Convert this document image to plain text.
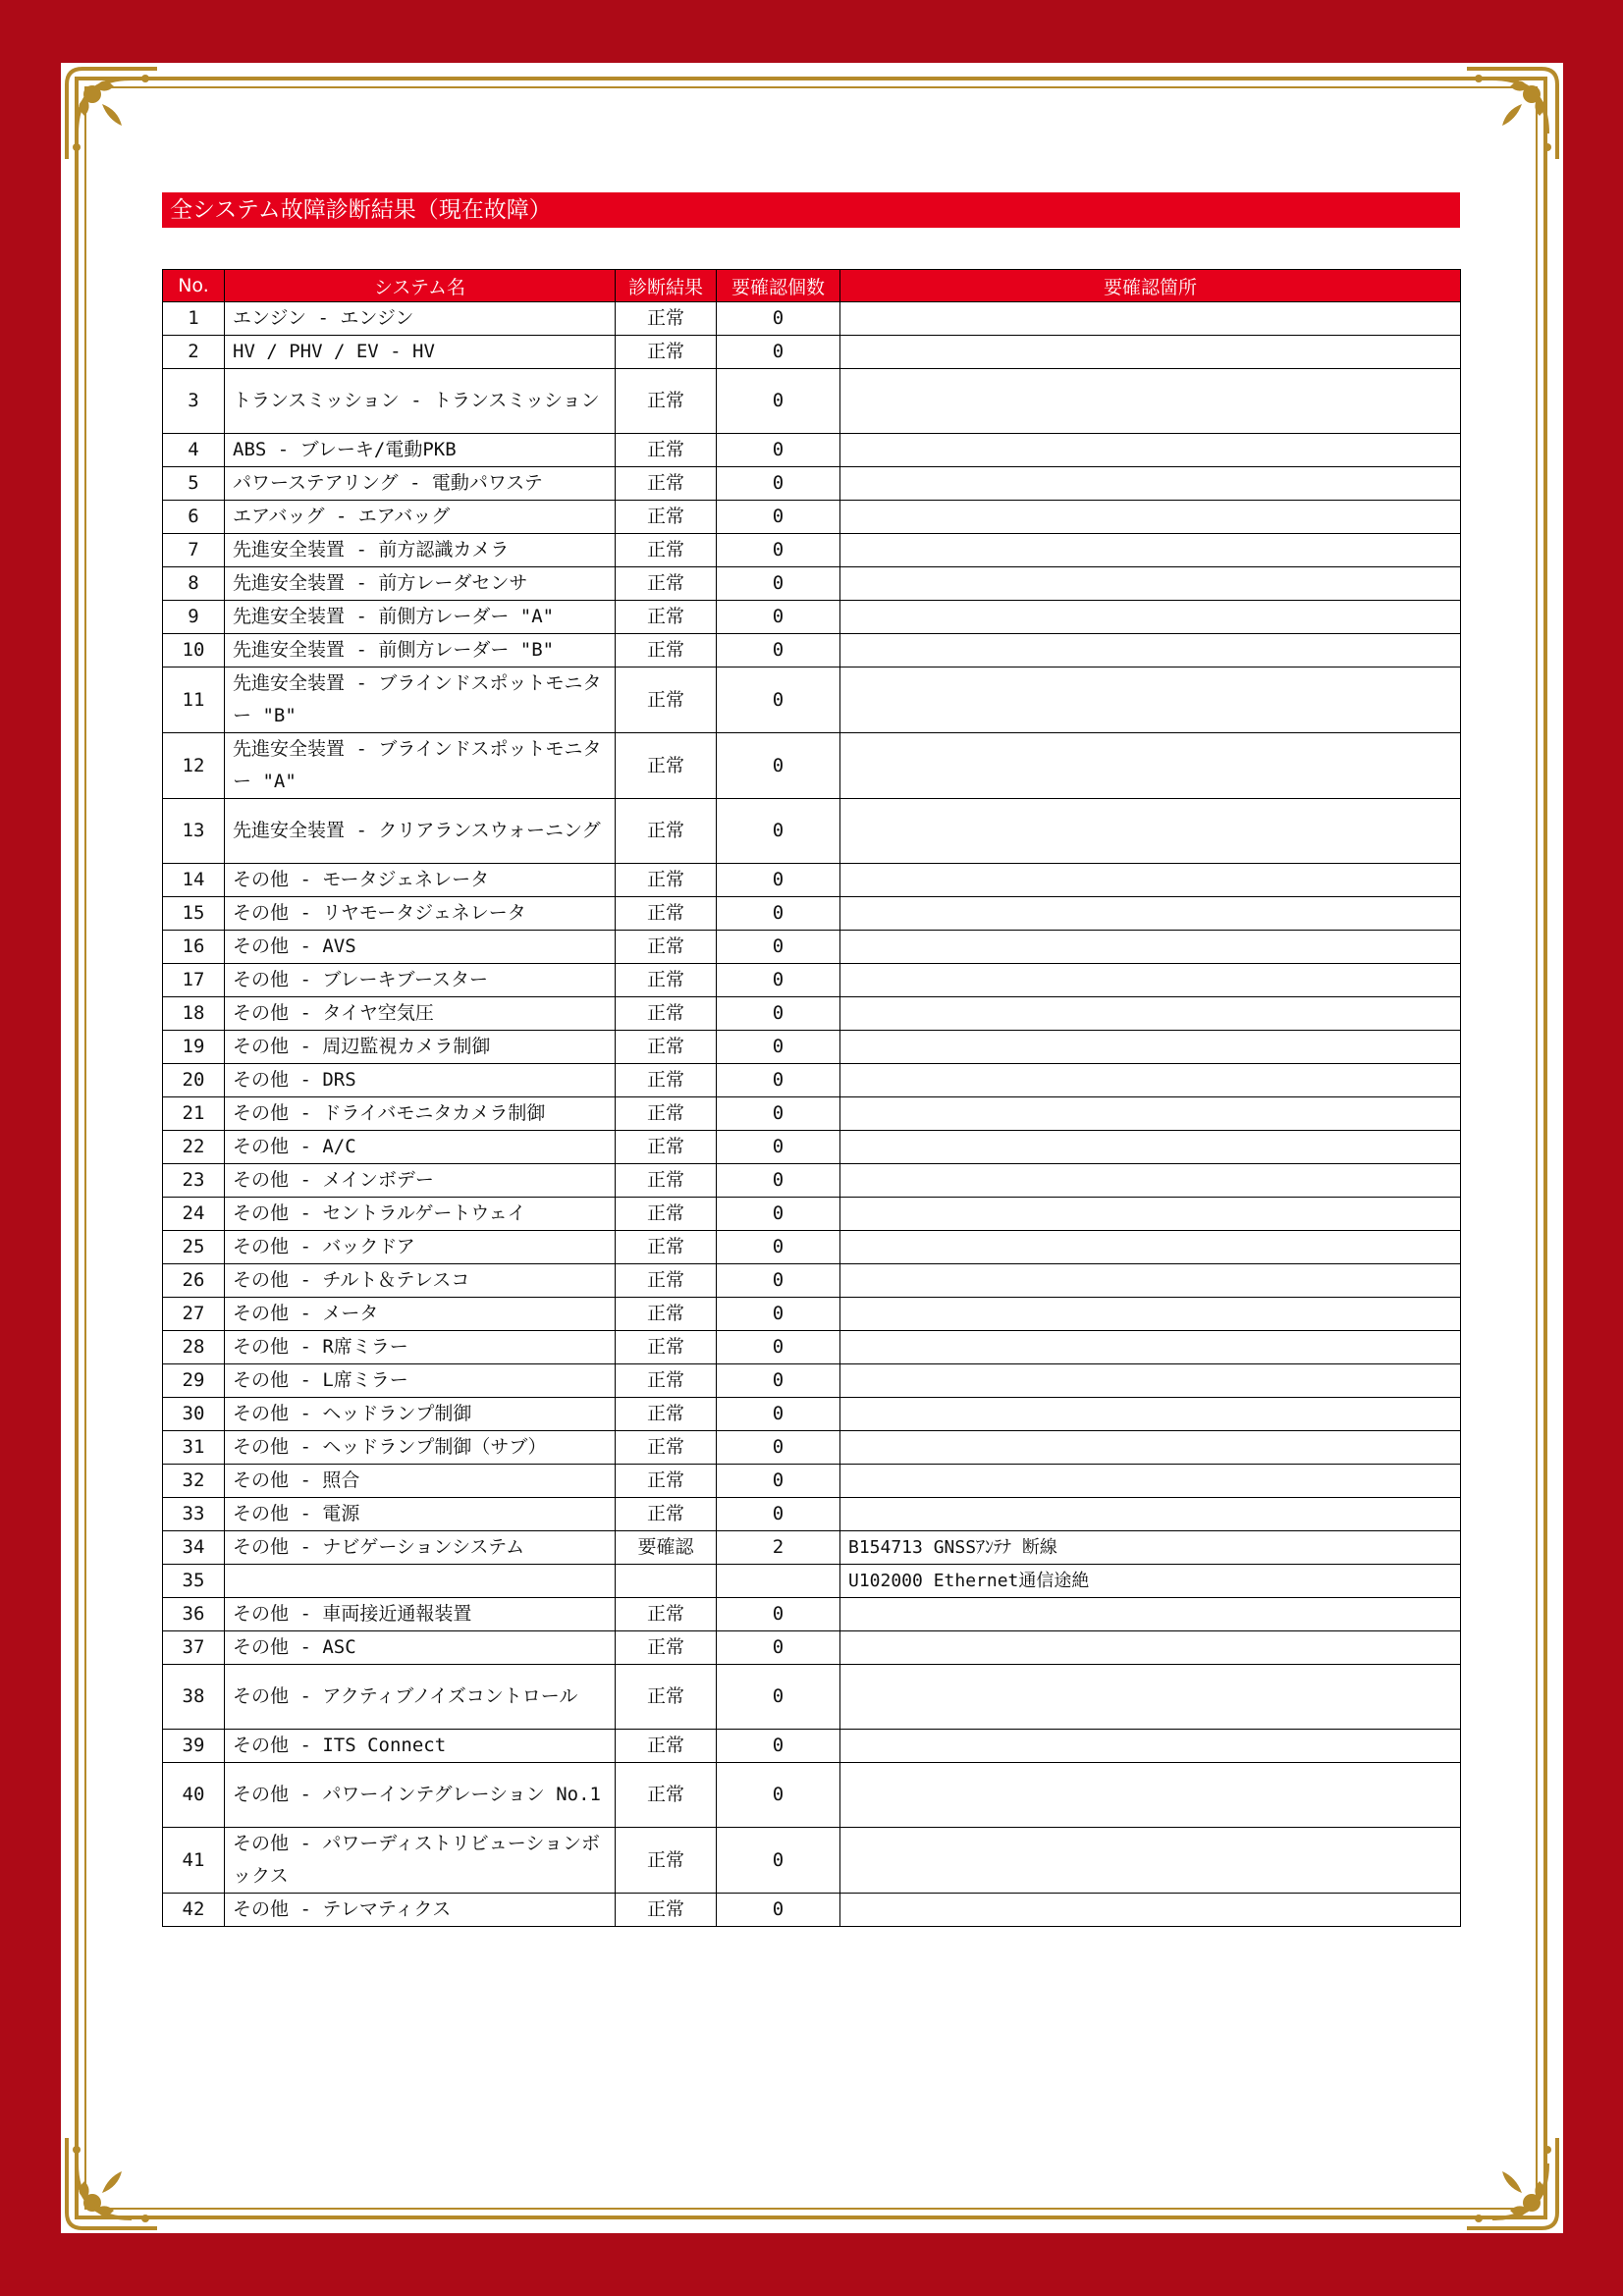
全システム故障診断結果（現在故障）
No.	システム名	診断結果	要確認個数	要確認箇所
1	エンジン - エンジン	正常	0	
2	HV / PHV / EV - HV	正常	0	
3	トランスミッション - トランスミッション	正常	0	
4	ABS - ブレーキ/電動PKB	正常	0	
5	パワーステアリング - 電動パワステ	正常	0	
6	エアバッグ - エアバッグ	正常	0	
7	先進安全装置 - 前方認識カメラ	正常	0	
8	先進安全装置 - 前方レーダセンサ	正常	0	
9	先進安全装置 - 前側方レーダー "A"	正常	0	
10	先進安全装置 - 前側方レーダー "B"	正常	0	
11	先進安全装置 - ブラインドスポットモニター "B"	正常	0	
12	先進安全装置 - ブラインドスポットモニター "A"	正常	0	
13	先進安全装置 - クリアランスウォーニング	正常	0	
14	その他 - モータジェネレータ	正常	0	
15	その他 - リヤモータジェネレータ	正常	0	
16	その他 - AVS	正常	0	
17	その他 - ブレーキブースター	正常	0	
18	その他 - タイヤ空気圧	正常	0	
19	その他 - 周辺監視カメラ制御	正常	0	
20	その他 - DRS	正常	0	
21	その他 - ドライバモニタカメラ制御	正常	0	
22	その他 - A/C	正常	0	
23	その他 - メインボデー	正常	0	
24	その他 - セントラルゲートウェイ	正常	0	
25	その他 - バックドア	正常	0	
26	その他 - チルト＆テレスコ	正常	0	
27	その他 - メータ	正常	0	
28	その他 - R席ミラー	正常	0	
29	その他 - L席ミラー	正常	0	
30	その他 - ヘッドランプ制御	正常	0	
31	その他 - ヘッドランプ制御（サブ）	正常	0	
32	その他 - 照合	正常	0	
33	その他 - 電源	正常	0	
34	その他 - ナビゲーションシステム	要確認	2	B154713 GNSSｱﾝﾃﾅ 断線
35				U102000 Ethernet通信途絶
36	その他 - 車両接近通報装置	正常	0	
37	その他 - ASC	正常	0	
38	その他 - アクティブノイズコントロール	正常	0	
39	その他 - ITS Connect	正常	0	
40	その他 - パワーインテグレーション No.1	正常	0	
41	その他 - パワーディストリビューションボックス	正常	0	
42	その他 - テレマティクス	正常	0	
